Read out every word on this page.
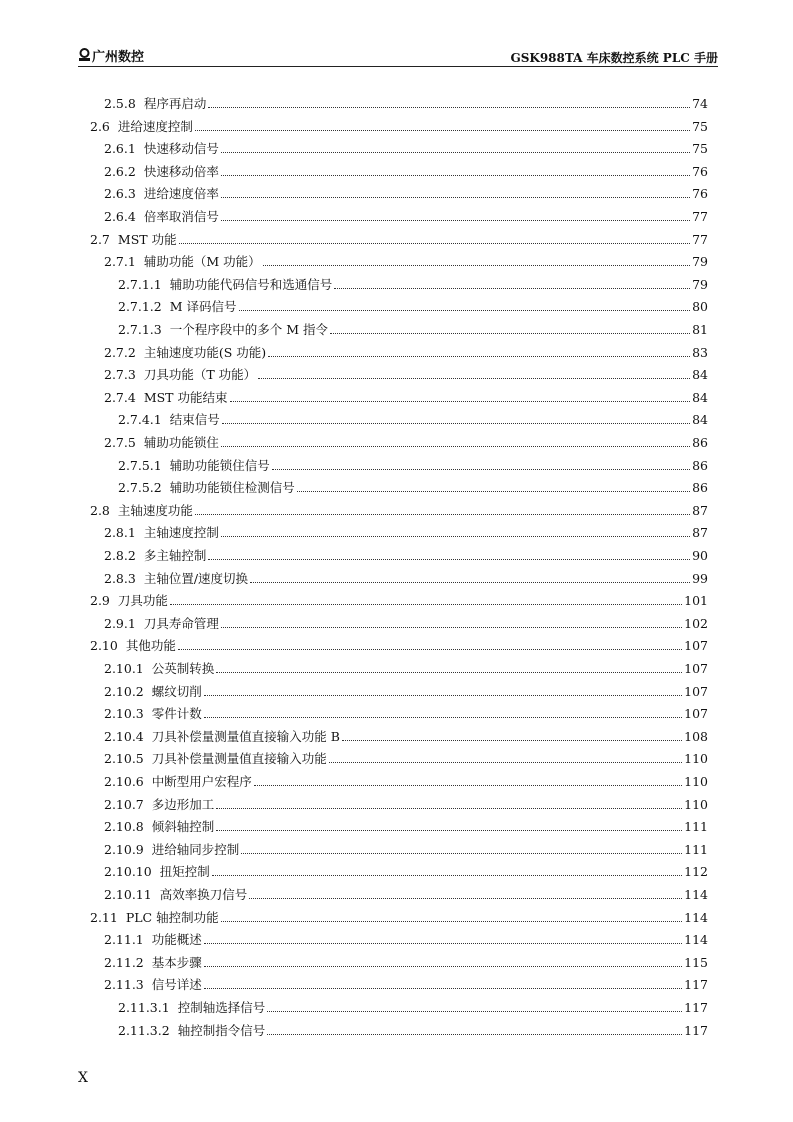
广州数控	GSK988TA 车床数控系统 PLC 手册
2.5.8 程序再启动	74
2.6 进给速度控制	75
2.6.1 快速移动信号	75
2.6.2 快速移动倍率	76
2.6.3 进给速度倍率	76
2.6.4 倍率取消信号	77
2.7 MST 功能	77
2.7.1 辅助功能（M 功能）	79
2.7.1.1 辅助功能代码信号和选通信号	79
2.7.1.2 M 译码信号	80
2.7.1.3 一个程序段中的多个 M 指令	81
2.7.2 主轴速度功能(S 功能)	83
2.7.3 刀具功能（T 功能）	84
2.7.4 MST 功能结束	84
2.7.4.1 结束信号	84
2.7.5 辅助功能锁住	86
2.7.5.1 辅助功能锁住信号	86
2.7.5.2 辅助功能锁住检测信号	86
2.8 主轴速度功能	87
2.8.1 主轴速度控制	87
2.8.2 多主轴控制	90
2.8.3 主轴位置/速度切换	99
2.9 刀具功能	101
2.9.1 刀具寿命管理	102
2.10 其他功能	107
2.10.1 公英制转换	107
2.10.2 螺纹切削	107
2.10.3 零件计数	107
2.10.4 刀具补偿量测量值直接输入功能 B	108
2.10.5 刀具补偿量测量值直接输入功能	110
2.10.6 中断型用户宏程序	110
2.10.7 多边形加工	110
2.10.8 倾斜轴控制	111
2.10.9 进给轴同步控制	111
2.10.10 扭矩控制	112
2.10.11 高效率换刀信号	114
2.11 PLC 轴控制功能	114
2.11.1 功能概述	114
2.11.2 基本步骤	115
2.11.3 信号详述	117
2.11.3.1 控制轴选择信号	117
2.11.3.2 轴控制指令信号	117
X
